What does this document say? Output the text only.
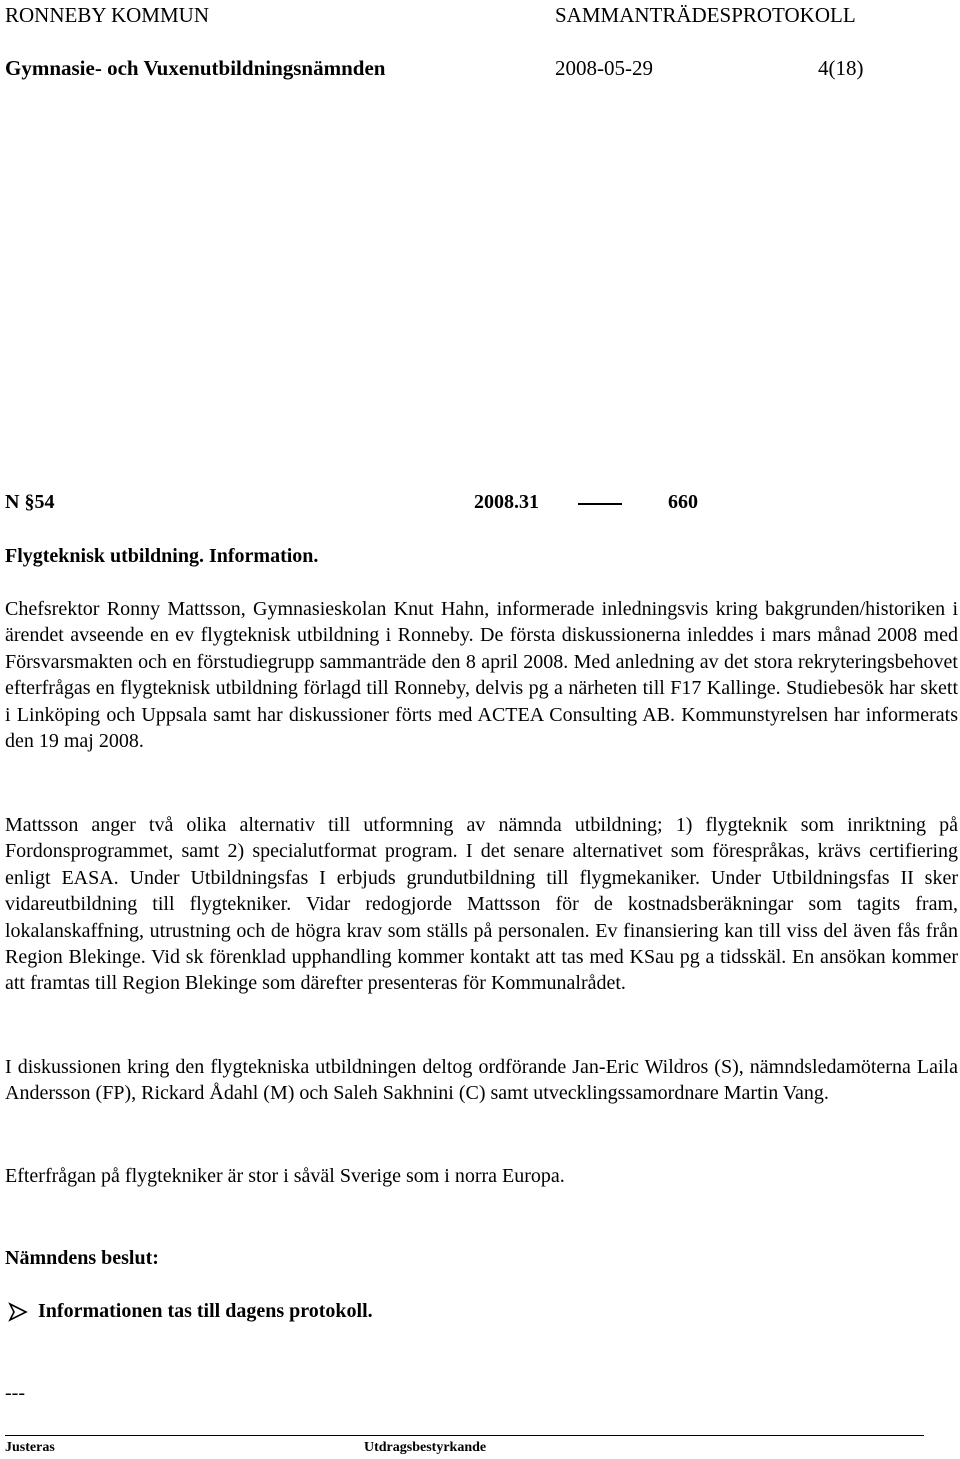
RONNEBY KOMMUN	SAMMANTRÄDESPROTOKOLL
Gymnasie- och Vuxenutbildningsnämnden	2008-05-29	4(18)
N §54	2008.31	660
Flygteknisk utbildning. Information.
Chefsrektor Ronny Mattsson, Gymnasieskolan Knut Hahn, informerade inledningsvis kring bakgrunden/historiken i ärendet avseende en ev flygteknisk utbildning i Ronneby. De första diskussionerna inleddes i mars månad 2008 med Försvarsmakten och en förstudiegrupp sammanträde den 8 april 2008. Med anledning av det stora rekryteringsbehovet efterfrågas en flygteknisk utbildning förlagd till Ronneby, delvis pg a närheten till F17 Kallinge. Studiebesök har skett i Linköping och Uppsala samt har diskussioner förts med ACTEA Consulting AB. Kommunstyrelsen har informerats den 19 maj 2008.
Mattsson anger två olika alternativ till utformning av nämnda utbildning; 1) flygteknik som inriktning på Fordonsprogrammet, samt 2) specialutformat program. I det senare alternativet som förespråkas, krävs certifiering enligt EASA. Under Utbildningsfas I erbjuds grundutbildning till flygmekaniker. Under Utbildningsfas II sker vidareutbildning till flygtekniker. Vidar redogjorde Mattsson för de kostnadsberäkningar som tagits fram, lokalanskaffning, utrustning och de högra krav som ställs på personalen. Ev finansiering kan till viss del även fås från Region Blekinge. Vid sk förenklad upphandling kommer kontakt att tas med KSau pg a tidsskäl. En ansökan kommer att framtas till Region Blekinge som därefter presenteras för Kommunalrådet.
I diskussionen kring den flygtekniska utbildningen deltog ordförande Jan-Eric Wildros (S), nämndsledamöterna Laila Andersson (FP), Rickard Ådahl (M) och Saleh Sakhnini (C) samt utvecklingssamordnare Martin Vang.
Efterfrågan på flygtekniker är stor i såväl Sverige som i norra Europa.
Nämndens beslut:
Informationen tas till dagens protokoll.
---
Justeras	Utdragsbestyrkande
